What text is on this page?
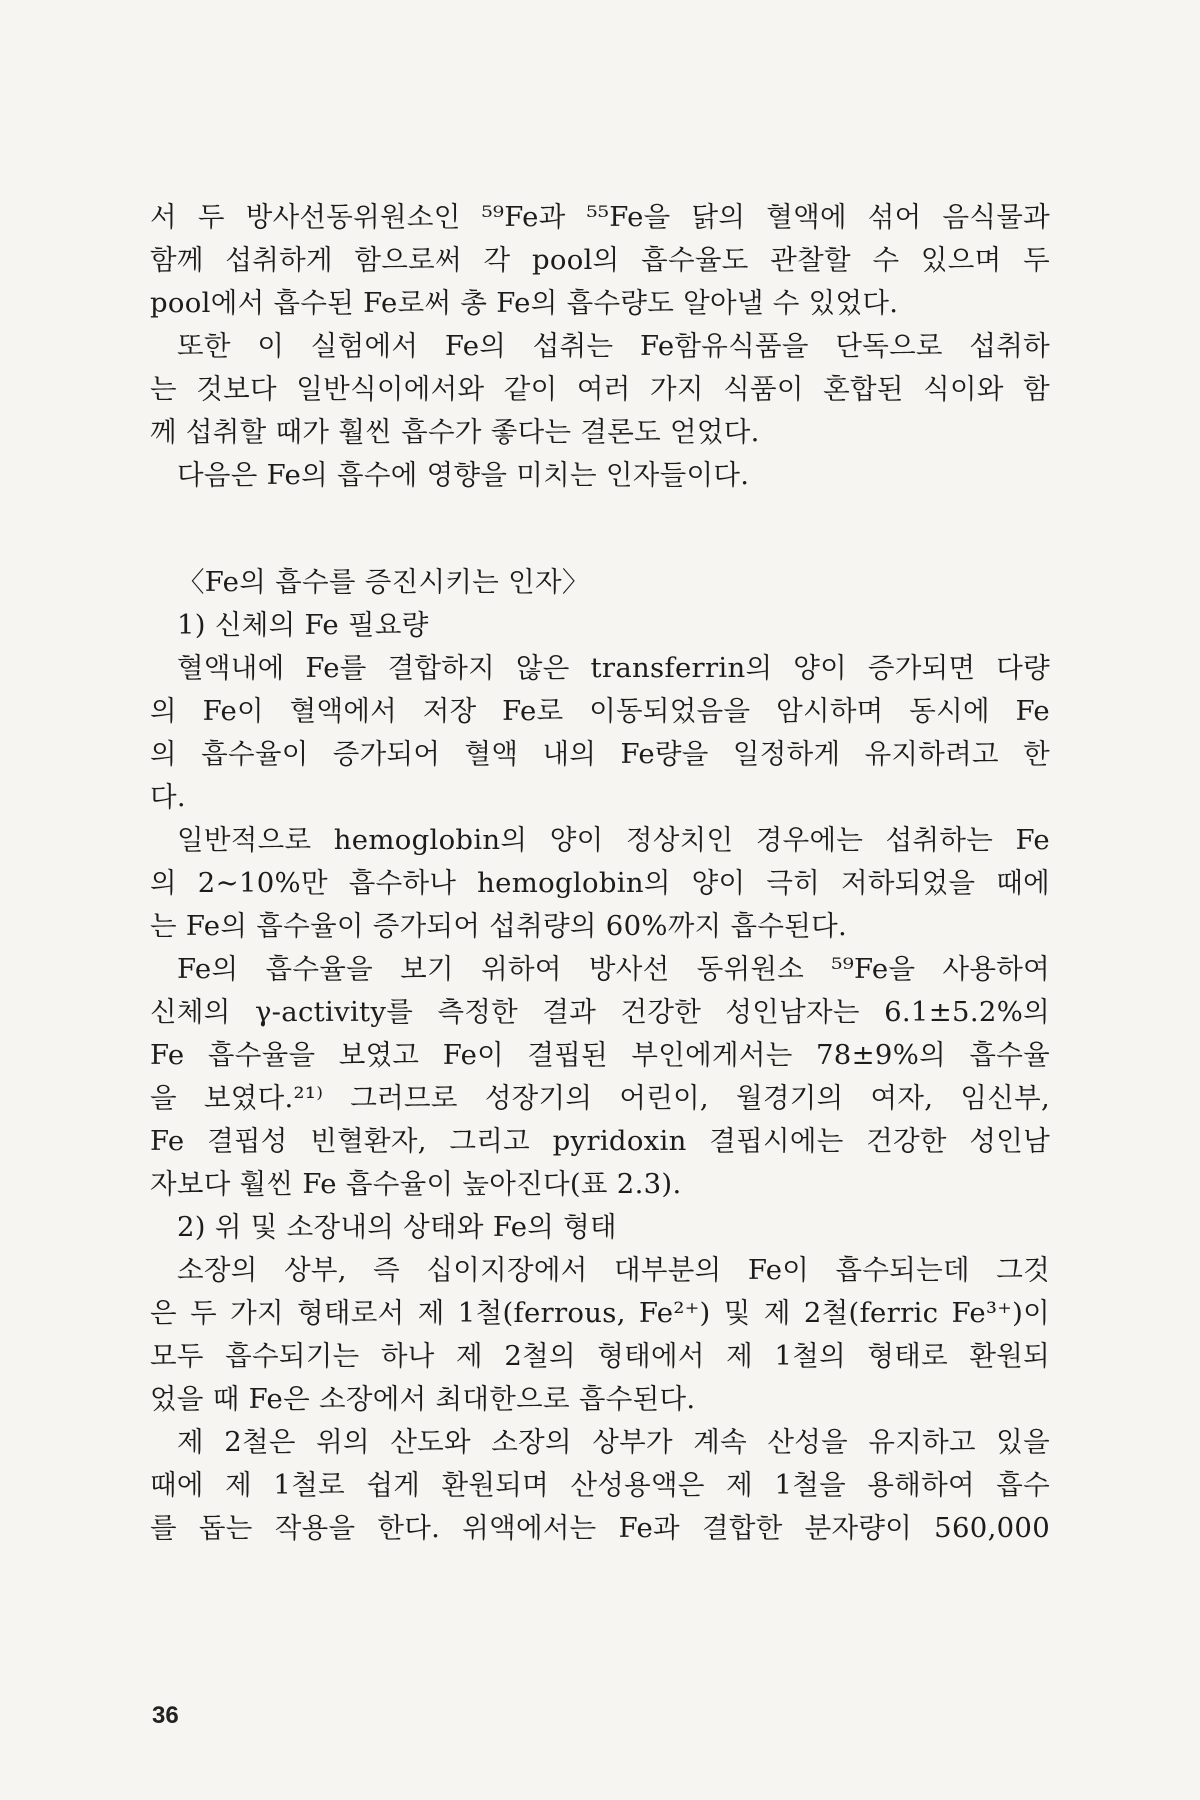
서 두 방사선동위원소인 ⁵⁹Fe과 ⁵⁵Fe을 닭의 혈액에 섞어 음식물과
함께 섭취하게 함으로써 각 pool의 흡수율도 관찰할 수 있으며 두
pool에서 흡수된 Fe로써 총 Fe의 흡수량도 알아낼 수 있었다.
또한 이 실험에서 Fe의 섭취는 Fe함유식품을 단독으로 섭취하
는 것보다 일반식이에서와 같이 여러 가지 식품이 혼합된 식이와 함
께 섭취할 때가 훨씬 흡수가 좋다는 결론도 얻었다.
다음은 Fe의 흡수에 영향을 미치는 인자들이다.
〈Fe의 흡수를 증진시키는 인자〉
1) 신체의 Fe 필요량
혈액내에 Fe를 결합하지 않은 transferrin의 양이 증가되면 다량
의 Fe이 혈액에서 저장 Fe로 이동되었음을 암시하며 동시에 Fe
의 흡수율이 증가되어 혈액 내의 Fe량을 일정하게 유지하려고 한
다.
일반적으로 hemoglobin의 양이 정상치인 경우에는 섭취하는 Fe
의 2∼10%만 흡수하나 hemoglobin의 양이 극히 저하되었을 때에
는 Fe의 흡수율이 증가되어 섭취량의 60%까지 흡수된다.
Fe의 흡수율을 보기 위하여 방사선 동위원소 ⁵⁹Fe을 사용하여
신체의 γ-activity를 측정한 결과 건강한 성인남자는 6.1±5.2%의
Fe 흡수율을 보였고 Fe이 결핍된 부인에게서는 78±9%의 흡수율
을 보였다.²¹⁾ 그러므로 성장기의 어린이, 월경기의 여자, 임신부,
Fe 결핍성 빈혈환자, 그리고 pyridoxin 결핍시에는 건강한 성인남
자보다 훨씬 Fe 흡수율이 높아진다(표 2.3).
2) 위 및 소장내의 상태와 Fe의 형태
소장의 상부, 즉 십이지장에서 대부분의 Fe이 흡수되는데 그것
은 두 가지 형태로서 제 1철(ferrous, Fe²⁺) 및 제 2철(ferric Fe³⁺)이
모두 흡수되기는 하나 제 2철의 형태에서 제 1철의 형태로 환원되
었을 때 Fe은 소장에서 최대한으로 흡수된다.
제 2철은 위의 산도와 소장의 상부가 계속 산성을 유지하고 있을
때에 제 1철로 쉽게 환원되며 산성용액은 제 1철을 용해하여 흡수
를 돕는 작용을 한다. 위액에서는 Fe과 결합한 분자량이 560,000
36
